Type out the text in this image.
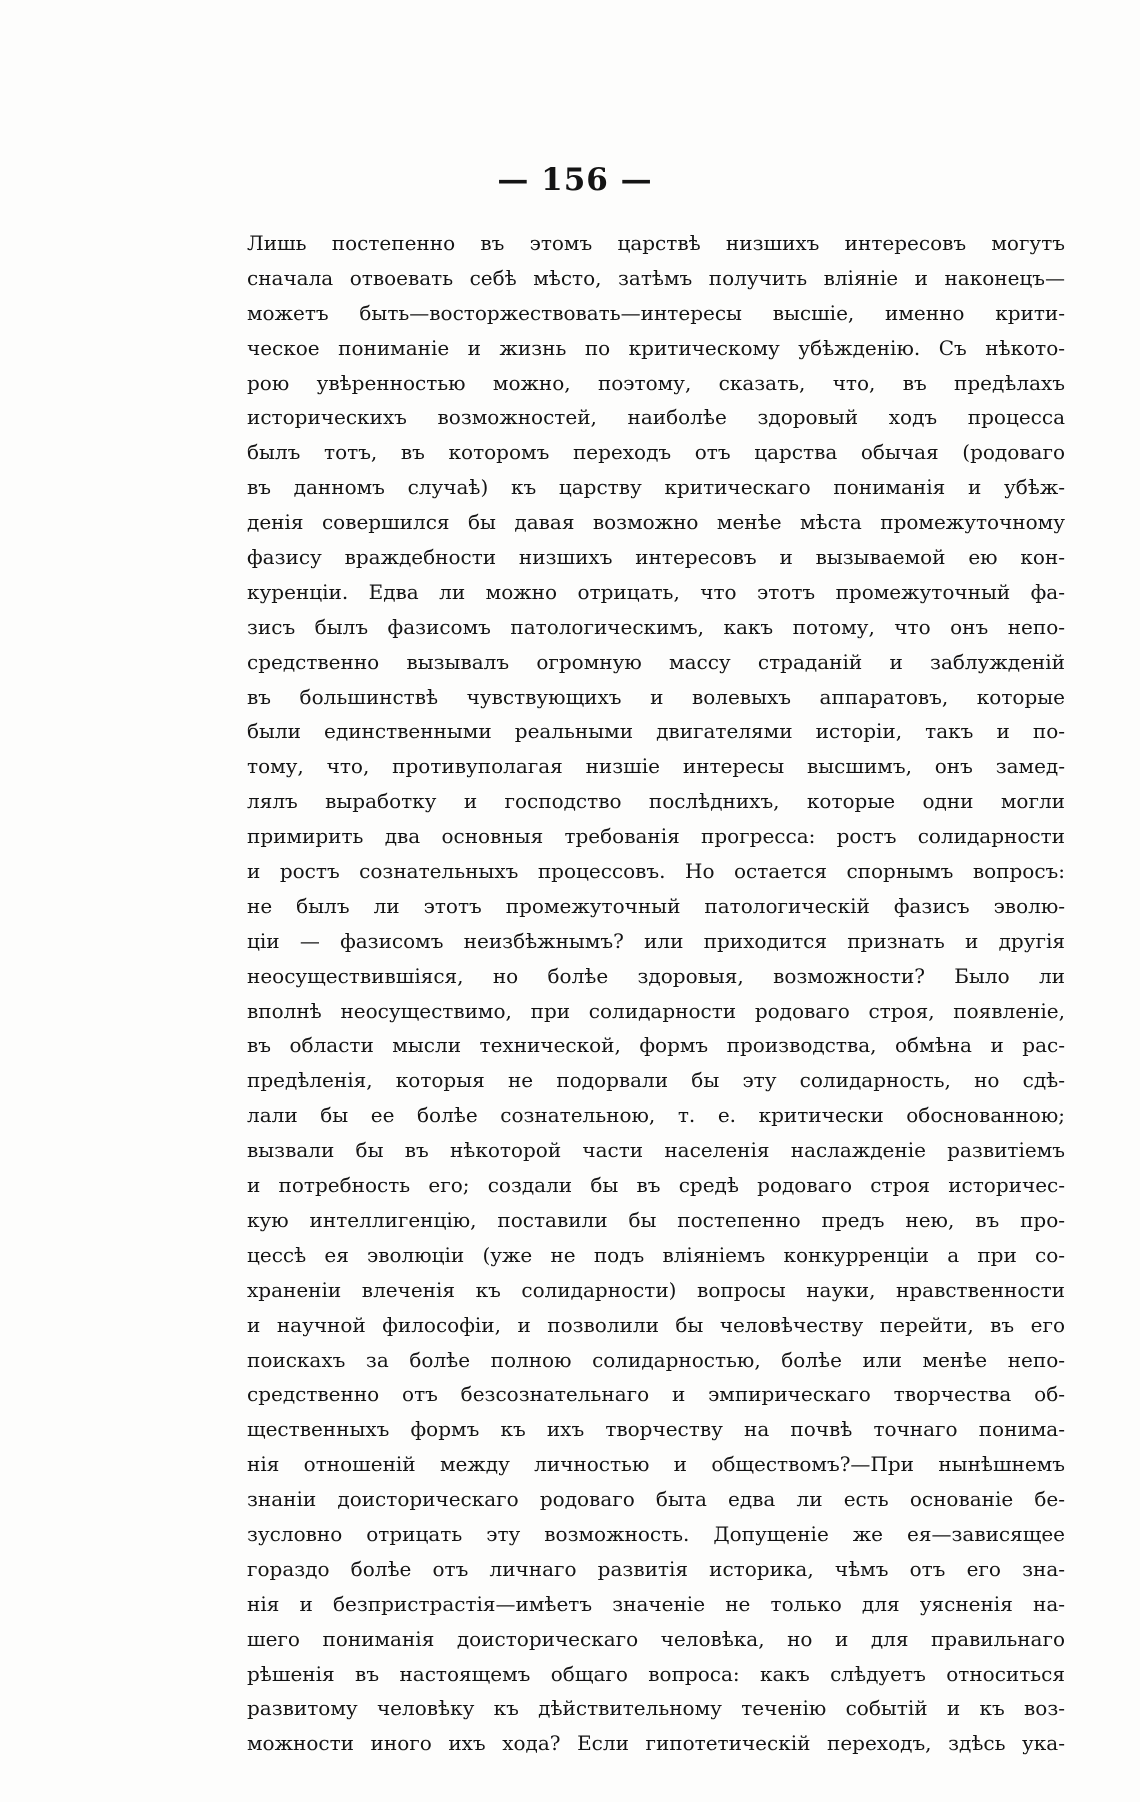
— 156 —
Лишь постепенно въ этомъ царствѣ низшихъ интересовъ могутъ
сначала отвоевать себѣ мѣсто, затѣмъ получить вліяніе и наконецъ—
можетъ быть—восторжествовать—интересы высшіе, именно крити-
ческое пониманіе и жизнь по критическому убѣжденію. Съ нѣкото-
рою увѣренностью можно, поэтому, сказать, что, въ предѣлахъ
историческихъ возможностей, наиболѣе здоровый ходъ процесса
былъ тотъ, въ которомъ переходъ отъ царства обычая (родоваго
въ данномъ случаѣ) къ царству критическаго пониманія и убѣж-
денія совершился бы давая возможно менѣе мѣста промежуточному
фазису враждебности низшихъ интересовъ и вызываемой ею кон-
куренціи. Едва ли можно отрицать, что этотъ промежуточный фа-
зисъ былъ фазисомъ патологическимъ, какъ потому, что онъ непо-
средственно вызывалъ огромную массу страданій и заблужденій
въ большинствѣ чувствующихъ и волевыхъ аппаратовъ, которые
были единственными реальными двигателями исторіи, такъ и по-
тому, что, противуполагая низшіе интересы высшимъ, онъ замед-
лялъ выработку и господство послѣднихъ, которые одни могли
примирить два основныя требованія прогресса: ростъ солидарности
и ростъ сознательныхъ процессовъ. Но остается спорнымъ вопросъ:
не былъ ли этотъ промежуточный патологическій фазисъ эволю-
ціи — фазисомъ неизбѣжнымъ? или приходится признать и другія
неосуществившіяся, но болѣе здоровыя, возможности? Было ли
вполнѣ неосуществимо, при солидарности родоваго строя, появленіе,
въ области мысли технической, формъ производства, обмѣна и рас-
предѣленія, которыя не подорвали бы эту солидарность, но сдѣ-
лали бы ее болѣе сознательною, т. е. критически обоснованною;
вызвали бы въ нѣкоторой части населенія наслажденіе развитіемъ
и потребность его; создали бы въ средѣ родоваго строя историчес-
кую интеллигенцію, поставили бы постепенно предъ нею, въ про-
цессѣ ея эволюціи (уже не подъ вліяніемъ конкурренціи а при со-
храненіи влеченія къ солидарности) вопросы науки, нравственности
и научной философіи, и позволили бы человѣчеству перейти, въ его
поискахъ за болѣе полною солидарностью, болѣе или менѣе непо-
средственно отъ безсознательнаго и эмпирическаго творчества об-
щественныхъ формъ къ ихъ творчеству на почвѣ точнаго понима-
нія отношеній между личностью и обществомъ?—При нынѣшнемъ
знаніи доисторическаго родоваго быта едва ли есть основаніе бе-
зусловно отрицать эту возможность. Допущеніе же ея—зависящее
гораздо болѣе отъ личнаго развитія историка, чѣмъ отъ его зна-
нія и безпристрастія—имѣетъ значеніе не только для уясненія на-
шего пониманія доисторическаго человѣка, но и для правильнаго
рѣшенія въ настоящемъ общаго вопроса: какъ слѣдуетъ относиться
развитому человѣку къ дѣйствительному теченію событій и къ воз-
можности иного ихъ хода? Если гипотетическій переходъ, здѣсь ука-
